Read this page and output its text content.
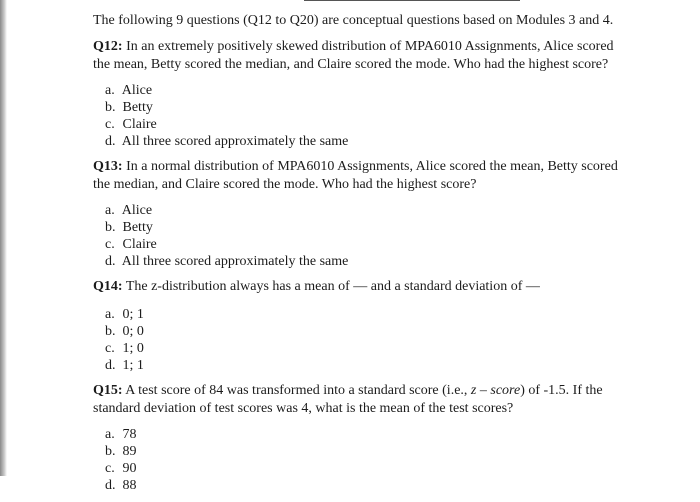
The following 9 questions (Q12 to Q20) are conceptual questions based on Modules 3 and 4.

Q12: In an extremely positively skewed distribution of MPA6010 Assignments, Alice scored the mean, Betty scored the median, and Claire scored the mode. Who had the highest score?

a. Alice
b. Betty
c. Claire
d. All three scored approximately the same

Q13: In a normal distribution of MPA6010 Assignments, Alice scored the mean, Betty scored the median, and Claire scored the mode. Who had the highest score?

a. Alice
b. Betty
c. Claire
d. All three scored approximately the same

Q14: The z-distribution always has a mean of — and a standard deviation of —

a. 0; 1
b. 0; 0
c. 1; 0
d. 1; 1

Q15: A test score of 84 was transformed into a standard score (i.e., z – score) of -1.5. If the standard deviation of test scores was 4, what is the mean of the test scores?

a. 78
b. 89
c. 90
d. 88
